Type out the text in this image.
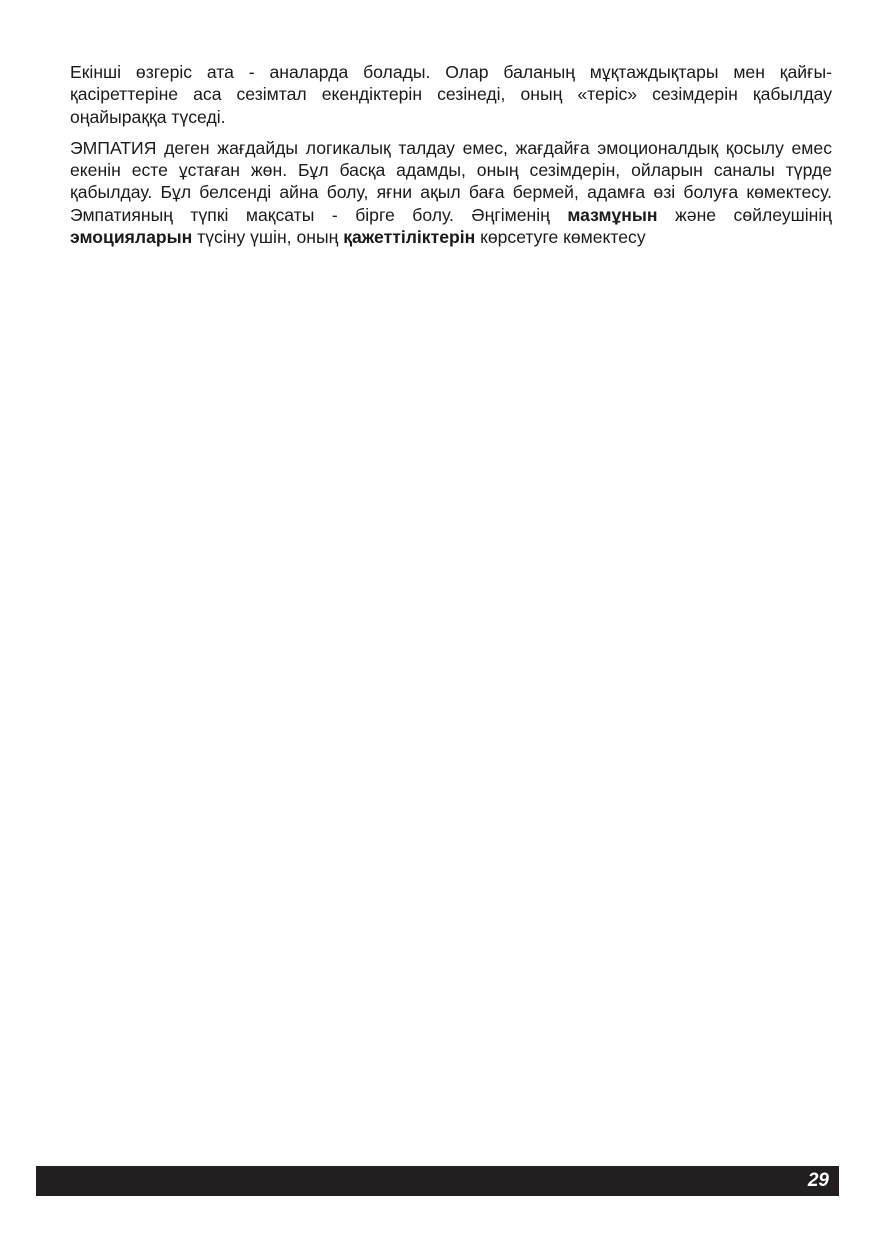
Екінші өзгеріс ата - аналарда болады. Олар баланың мұқтаждықтары мен қайғы-қасіреттеріне аса сезімтал екендіктерін сезінеді, оның «теріс» сезімдерін қабылдау оңайыраққа түседі.

ЭМПАТИЯ деген жағдайды логикалық талдау емес, жағдайға эмоционалдық қосылу емес екенін есте ұстаған жөн. Бұл басқа адамды, оның сезімдерін, ойларын саналы түрде қабылдау. Бұл белсенді айна болу, яғни ақыл баға бермей, адамға өзі болуға көмектесу. Эмпатияның түпкі мақсаты - бірге болу. Әңгіменің мазмұнын және сөйлеушінің эмоцияларын түсіну үшін, оның қажеттіліктерін көрсетуге көмектесу

29
